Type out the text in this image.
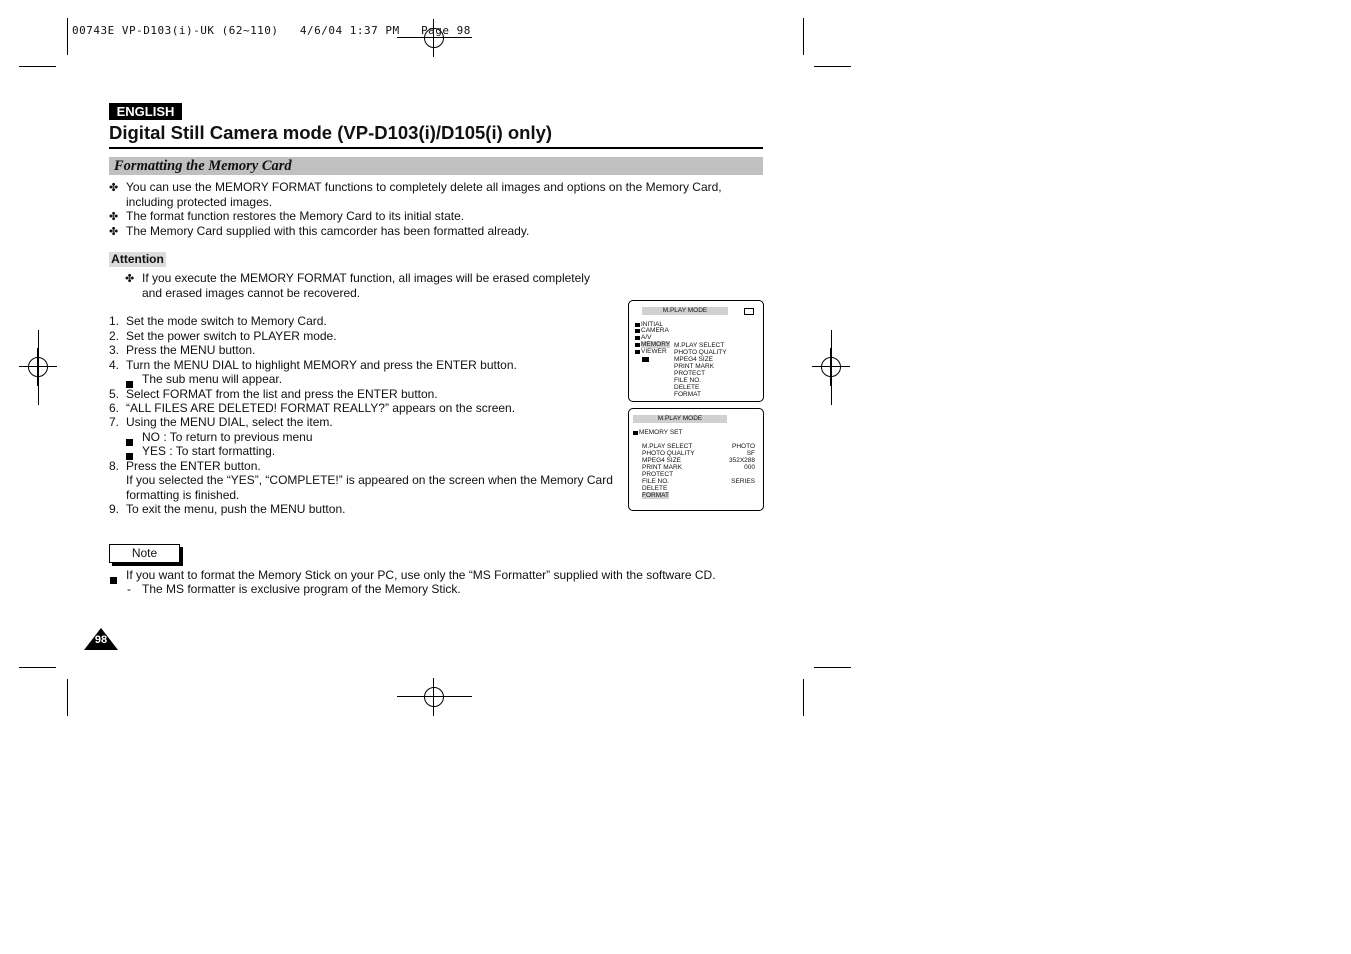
00743E VP-D103(i)-UK (62~110)   4/6/04 1:37 PM   Page 98
ENGLISH
Digital Still Camera mode (VP-D103(i)/D105(i) only)
Formatting the Memory Card
✤ You can use the MEMORY FORMAT functions to completely delete all images and options on the Memory Card,
including protected images.
✤ The format function restores the Memory Card to its initial state.
✤ The Memory Card supplied with this camcorder has been formatted already.
Attention
✤ If you execute the MEMORY FORMAT function, all images will be erased completely
and erased images cannot be recovered.
1. Set the mode switch to Memory Card.
2. Set the power switch to PLAYER mode.
3. Press the MENU button.
4. Turn the MENU DIAL to highlight MEMORY and press the ENTER button.
The sub menu will appear.
5. Select FORMAT from the list and press the ENTER button.
6. “ALL FILES ARE DELETED! FORMAT REALLY?” appears on the screen.
7. Using the MENU DIAL, select the item.
NO : To return to previous menu
YES : To start formatting.
8. Press the ENTER button.
If you selected the “YES”, “COMPLETE!” is appeared on the screen when the Memory Card
formatting is finished.
9. To exit the menu, push the MENU button.
M.PLAY MODE
INITIAL
CAMERA
A/V
MEMORY
VIEWER
M.PLAY SELECT
PHOTO QUALITY
MPEG4 SIZE
PRINT MARK
PROTECT
FILE NO.
DELETE
FORMAT
M.PLAY MODE
MEMORY SET
M.PLAY SELECT	PHOTO
PHOTO QUALITY	SF
MPEG4 SIZE	352X288
PRINT MARK	000
PROTECT
FILE NO.	SERIES
DELETE
FORMAT
Note
If you want to format the Memory Stick on your PC, use only the “MS Formatter” supplied with the software CD.
- The MS formatter is exclusive program of the Memory Stick.
98
